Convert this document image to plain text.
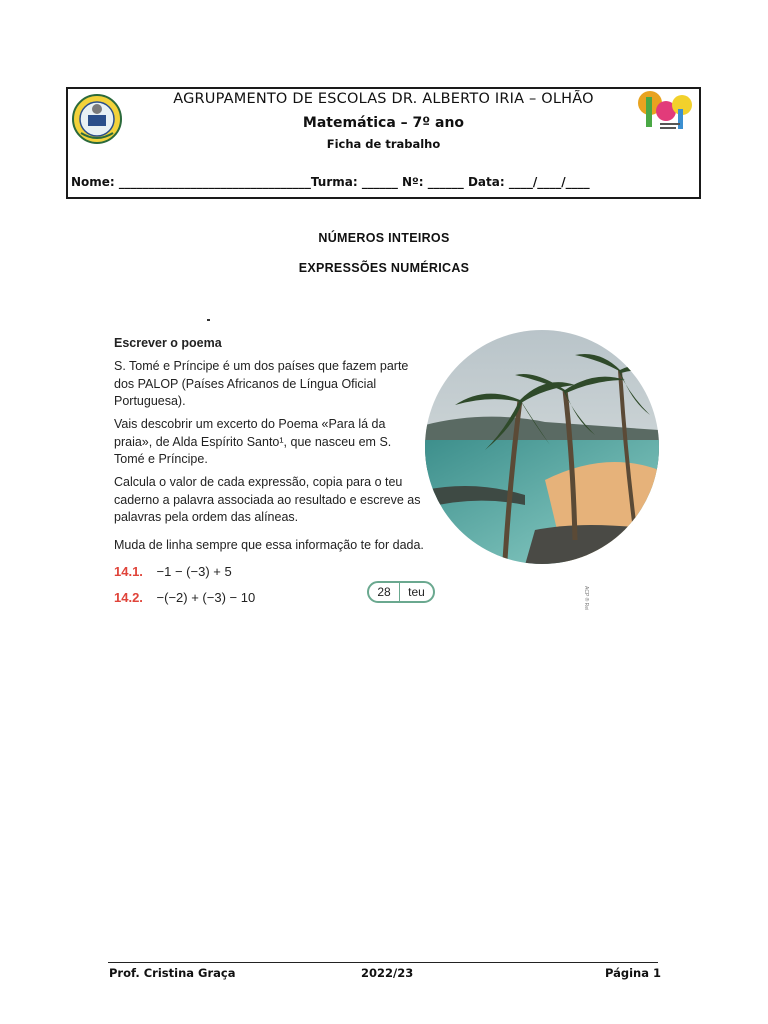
AGRUPAMENTO DE ESCOLAS DR. ALBERTO IRIA – OLHÃO
Matemática – 7º ano
Ficha de trabalho
Nome: ________________________________Turma: ______ Nº: ______ Data: ____/____/____
NÚMEROS INTEIROS
EXPRESSÕES NUMÉRICAS
Escrever o poema
S. Tomé e Príncipe é um dos países que fazem parte dos PALOP (Países Africanos de Língua Oficial Portuguesa).
Vais descobrir um excerto do Poema «Para lá da praia», de Alda Espírito Santo¹, que nasceu em S. Tomé e Príncipe.
Calcula o valor de cada expressão, copia para o teu caderno a palavra associada ao resultado e escreve as palavras pela ordem das alíneas.
Muda de linha sempre que essa informação te for dada.
14.1. −1 − (−3) + 5
14.2. −(−2) + (−3) − 10	28	teu	ACP ® Rei
Prof. Cristina Graça	2022/23	Página 1
